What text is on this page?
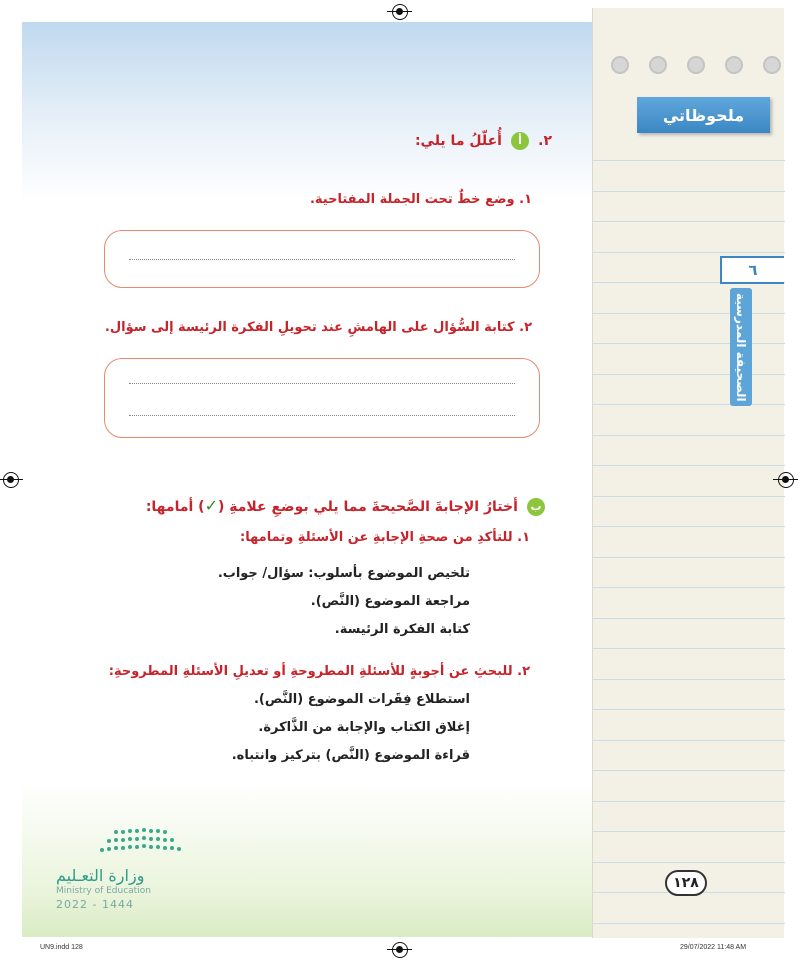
ملحوظاتي
٦
الصحيفة المدرسية
٢. أ أُعلّلُ ما يلي:
١. وضع خطٌ تحت الجملة المفتاحية.
٢. كتابة السُّؤال على الهامشِ عند تحويلِ الفكرة الرئيسة إلى سؤال.
ب أختارُ الإجابةَ الصَّحيحةَ مما يلي بوضعِ علامةِ (✓) أمامها:
١. للتأكدِ من صحةِ الإجابةِ عن الأسئلةِ وتمامها:
تلخيص الموضوع بأسلوب: سؤال/ جواب.
مراجعة الموضوع (النَّص).
كتابة الفكرة الرئيسة.
٢. للبحثِ عن أجوبةٍ للأسئلةِ المطروحةِ أو تعديلِ الأسئلةِ المطروحةِ:
استطلاع فِقَرات الموضوع (النَّص).
إغلاق الكتاب والإجابة من الذَّاكرة.
قراءة الموضوع (النَّص) بتركيز وانتباه.
وزارة التعـليم
Ministry of Education
2022 - 1444
١٢٨
UN9.indd 128	29/07/2022 11:48 AM
